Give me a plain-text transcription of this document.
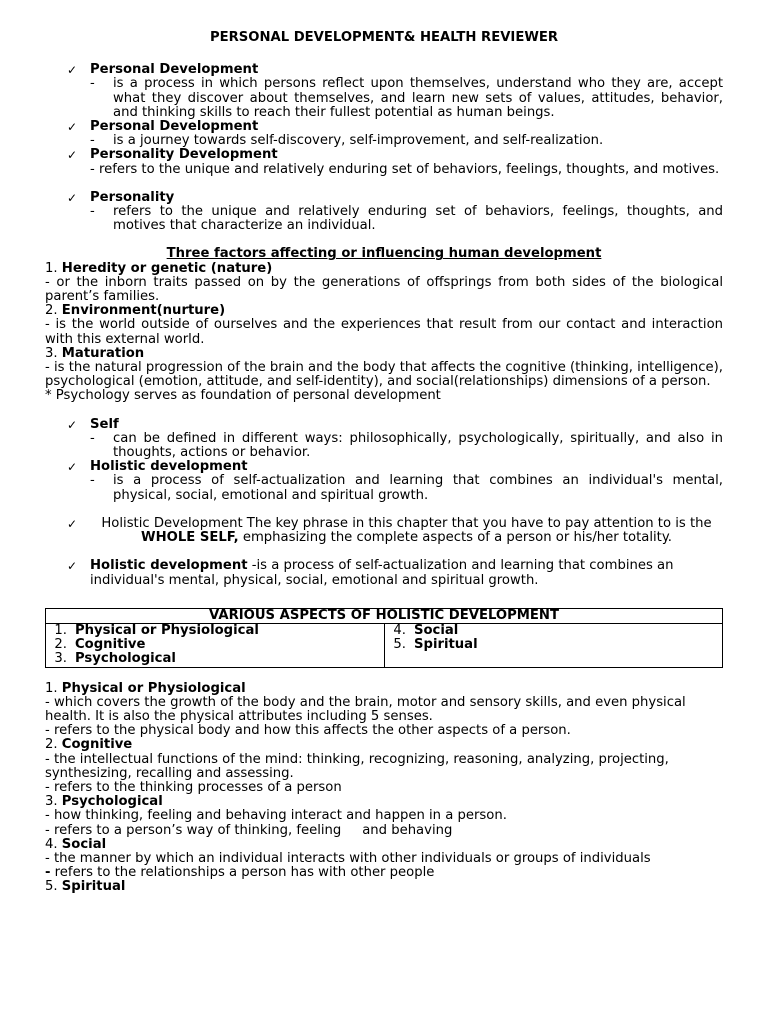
PERSONAL DEVELOPMENT& HEALTH REVIEWER
✓ Personal Development
-	is a process in which persons reflect upon themselves, understand who they are, accept what they discover about themselves, and learn new sets of values, attitudes, behavior, and thinking skills to reach their fullest potential as human beings.
✓ Personal Development
-	is a journey towards self-discovery, self-improvement, and self-realization.
✓ Personality Development
- refers to the unique and relatively enduring set of behaviors, feelings, thoughts, and motives.
✓ Personality
-	refers to the unique and relatively enduring set of behaviors, feelings, thoughts, and motives that characterize an individual.
Three factors affecting or influencing human development
1. Heredity or genetic (nature)
- or the inborn traits passed on by the generations of offsprings from both sides of the biological parent’s families.
2. Environment(nurture)
- is the world outside of ourselves and the experiences that result from our contact and interaction with this external world.
3. Maturation
- is the natural progression of the brain and the body that affects the cognitive (thinking, intelligence), psychological (emotion, attitude, and self-identity), and social(relationships) dimensions of a person.
* Psychology serves as foundation of personal development
✓ Self
-	can be defined in different ways: philosophically, psychologically, spiritually, and also in thoughts, actions or behavior.
✓ Holistic development
-	is a process of self-actualization and learning that combines an individual's mental, physical, social, emotional and spiritual growth.
✓	Holistic Development The key phrase in this chapter that you have to pay attention to is the WHOLE SELF, emphasizing the complete aspects of a person or his/her totality.
✓ Holistic development -is a process of self-actualization and learning that combines an individual's mental, physical, social, emotional and spiritual growth.
VARIOUS ASPECTS OF HOLISTIC DEVELOPMENT

1. Physical or Physiological
2. Cognitive
3. Psychological

4. Social
5. Spiritual
1. Physical or Physiological
- which covers the growth of the body and the brain, motor and sensory skills, and even physical health. It is also the physical attributes including 5 senses.
- refers to the physical body and how this affects the other aspects of a person.
2. Cognitive
- the intellectual functions of the mind: thinking, recognizing, reasoning, analyzing, projecting, synthesizing, recalling and assessing.
- refers to the thinking processes of a person
3. Psychological
- how thinking, feeling and behaving interact and happen in a person.
- refers to a person’s way of thinking, feeling     and behaving
4. Social
- the manner by which an individual interacts with other individuals or groups of individuals
- refers to the relationships a person has with other people
5. Spiritual
